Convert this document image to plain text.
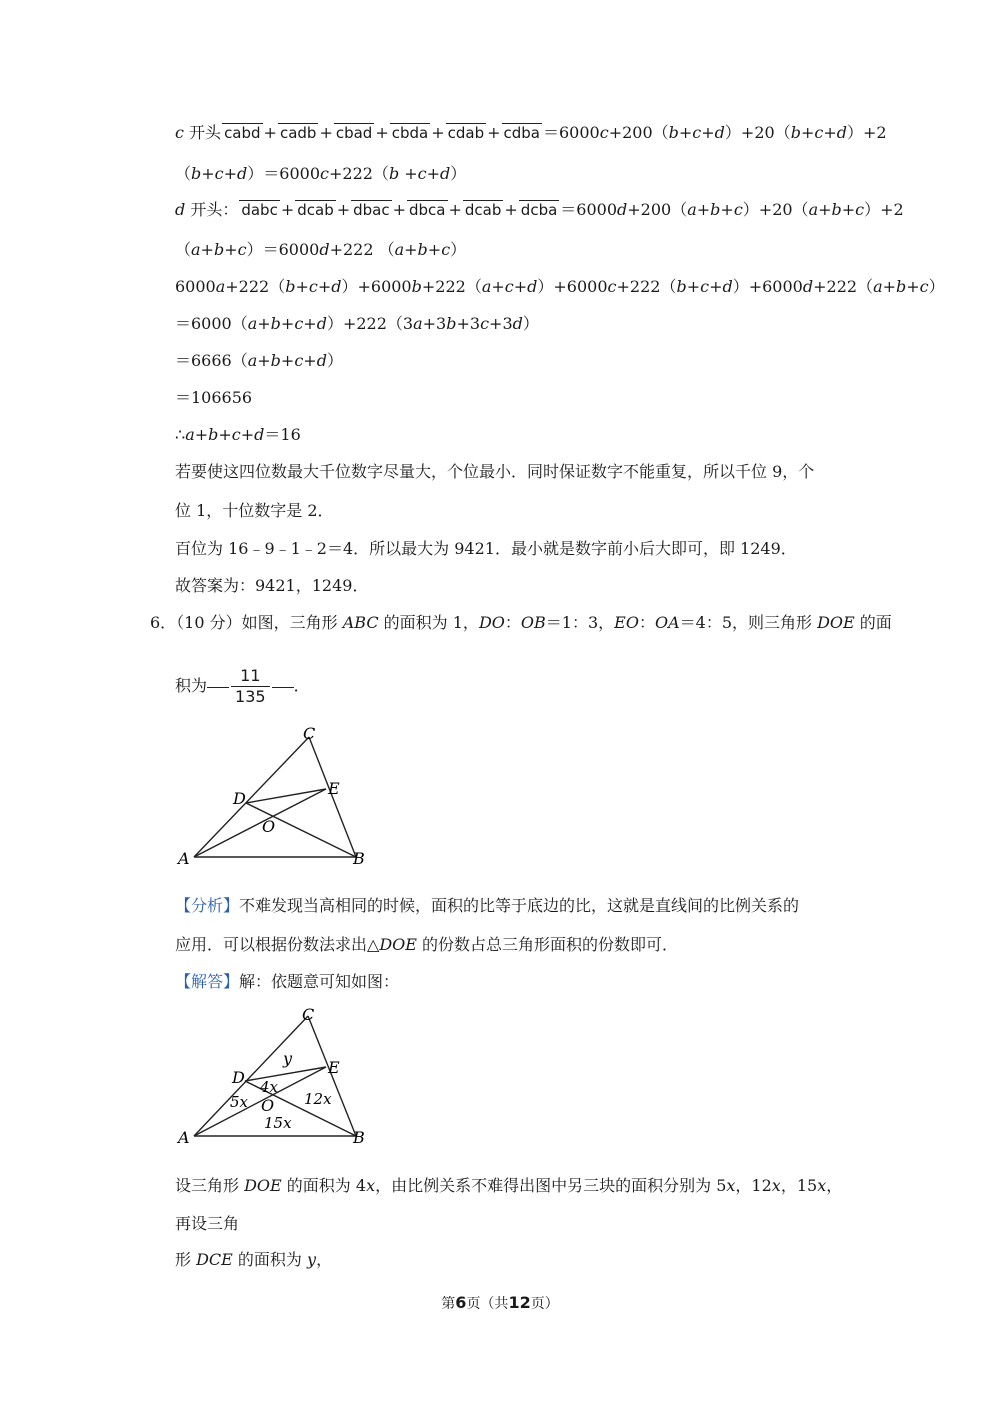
c 开头 cabd + cadb + cbad + cbda + cdab + cdba ＝6000c+200（b+c+d）+20（b+c+d）+2
（b+c+d）＝6000c+222（b +c+d）
d 开头： dabc + dcab + dbac + dbca + dcab + dcba ＝6000d+200（a+b+c）+20（a+b+c）+2
（a+b+c）＝6000d+222 （a+b+c）
6000a+222（b+c+d）+6000b+222（a+c+d）+6000c+222（b+c+d）+6000d+222（a+b+c）
＝6000（a+b+c+d）+222（3a+3b+3c+3d）
＝6666（a+b+c+d）
＝106656
∴a+b+c+d＝16
若要使这四位数最大千位数字尽量大，个位最小．同时保证数字不能重复，所以千位 9，个
位 1，十位数字是 2．
百位为 16﹣9﹣1﹣2＝4．所以最大为 9421．最小就是数字前小后大即可，即 1249．
故答案为：9421，1249．
6．（10 分）如图，三角形 ABC 的面积为 1，DO：OB＝1：3，EO：OA＝4：5，则三角形 DOE 的面
积为 $\frac{11}{135}$ ．
C
E
D
O
A	B
【分析】不难发现当高相同的时候，面积的比等于底边的比，这就是直线间的比例关系的
应用．可以根据份数法求出△DOE 的份数占总三角形面积的份数即可．
【解答】解：依题意可知如图：
C
E
D
O
A	B
y
4x
5x	12x
15x
设三角形 DOE 的面积为 4x，由比例关系不难得出图中另三块的面积分别为 5x，12x，15x，
再设三角
形 DCE 的面积为 y，
第6页（共12页）
